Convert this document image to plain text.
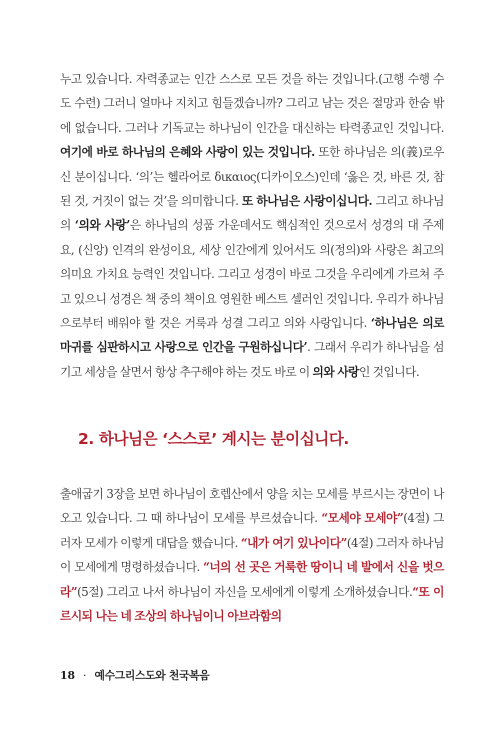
누고 있습니다. 자력종교는 인간 스스로 모든 것을 하는 것입니다.(고행 수행 수도 수련) 그러니 얼마나 지치고 힘들겠습니까? 그리고 남는 것은 절망과 한숨 밖에 없습니다. 그러나 기독교는 하나님이 인간을 대신하는 타력종교인 것입니다. 여기에 바로 하나님의 은혜와 사랑이 있는 것입니다. 또한 하나님은 의(義)로우신 분이십니다. ‘의’는 헬라어로 δικαιος(디카이오스)인데 ‘옳은 것, 바른 것, 참된 것, 거짓이 없는 것’을 의미합니다. 또 하나님은 사랑이십니다. 그리고 하나님의 ‘의와 사랑’은 하나님의 성품 가운데서도 핵심적인 것으로서 성경의 대 주제요, (신앙) 인격의 완성이요, 세상 인간에게 있어서도 의(정의)와 사랑은 최고의 의미요 가치요 능력인 것입니다. 그리고 성경이 바로 그것을 우리에게 가르쳐 주고 있으니 성경은 책 중의 책이요 영원한 베스트 셀러인 것입니다. 우리가 하나님으로부터 배워야 할 것은 거룩과 성결 그리고 의와 사랑입니다. ‘하나님은 의로 마귀를 심판하시고 사랑으로 인간을 구원하십니다’. 그래서 우리가 하나님을 섬기고 세상을 살면서 항상 추구해야 하는 것도 바로 이 의와 사랑인 것입니다.

2. 하나님은 ‘스스로’ 계시는 분이십니다.

출애굽기 3장을 보면 하나님이 호렙산에서 양을 치는 모세를 부르시는 장면이 나오고 있습니다. 그 때 하나님이 모세를 부르셨습니다. “모세야 모세야”(4절) 그러자 모세가 이렇게 대답을 했습니다. “내가 여기 있나이다”(4절) 그러자 하나님이 모세에게 명령하셨습니다. “너의 선 곳은 거룩한 땅이니 네 발에서 신을 벗으라”(5절) 그리고 나서 하나님이 자신을 모세에게 이렇게 소개하셨습니다.“또 이르시되 나는 네 조상의 하나님이니 아브라함의

18 · 예수그리스도와 천국복음
